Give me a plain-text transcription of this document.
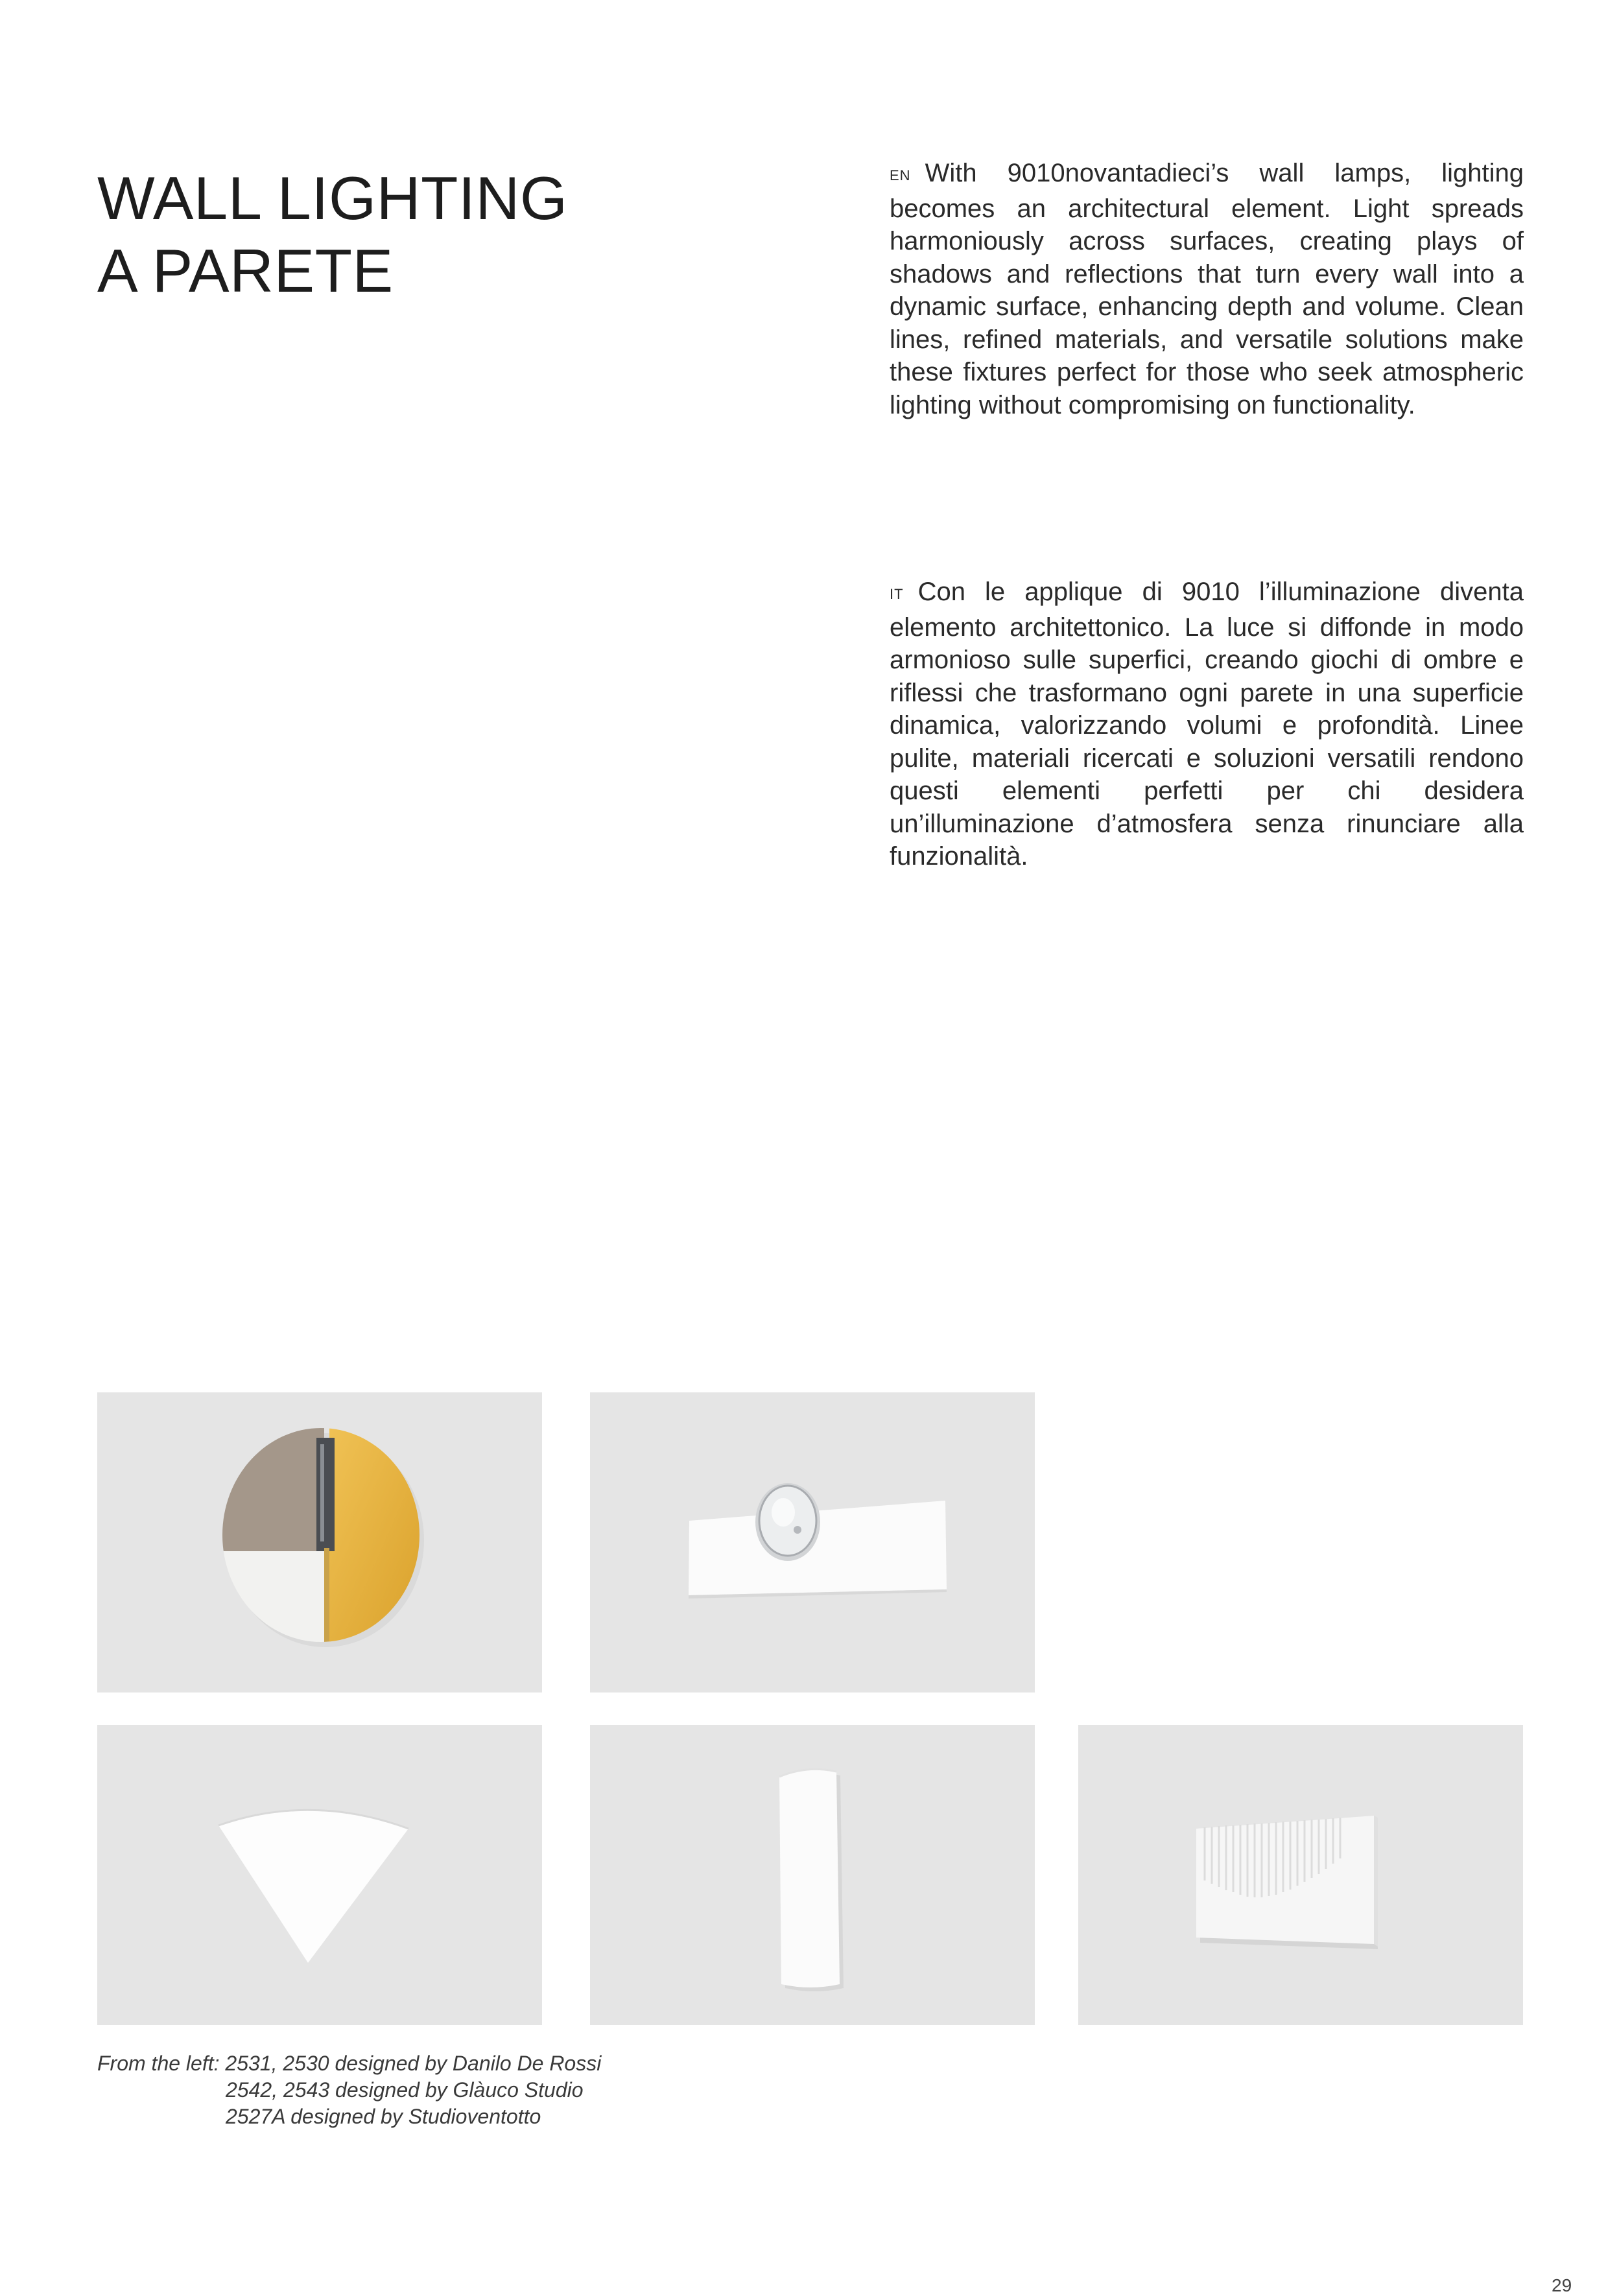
WALL LIGHTING
A PARETE
EN With 9010novantadieci’s wall lamps, lighting becomes an architectural element. Light spreads harmoniously across surfaces, creating plays of shadows and reflections that turn every wall into a dynamic surface, enhancing depth and volume. Clean lines, refined materials, and versatile solutions make these fixtures perfect for those who seek atmospheric lighting without compromising on functionality.
IT Con le applique di 9010 l’illuminazione diventa elemento architettonico. La luce si diffonde in modo armonioso sulle superfici, creando giochi di ombre e riflessi che trasformano ogni parete in una superficie dinamica, valorizzando volumi e profondità. Linee pulite, materiali ricercati e soluzioni versatili rendono questi elementi perfetti per chi desidera un’illuminazione d’atmosfera senza rinunciare alla funzionalità.
From the left: 2531, 2530 designed by Danilo De Rossi
2542, 2543 designed by Glàuco Studio
2527A designed by Studioventotto
29
